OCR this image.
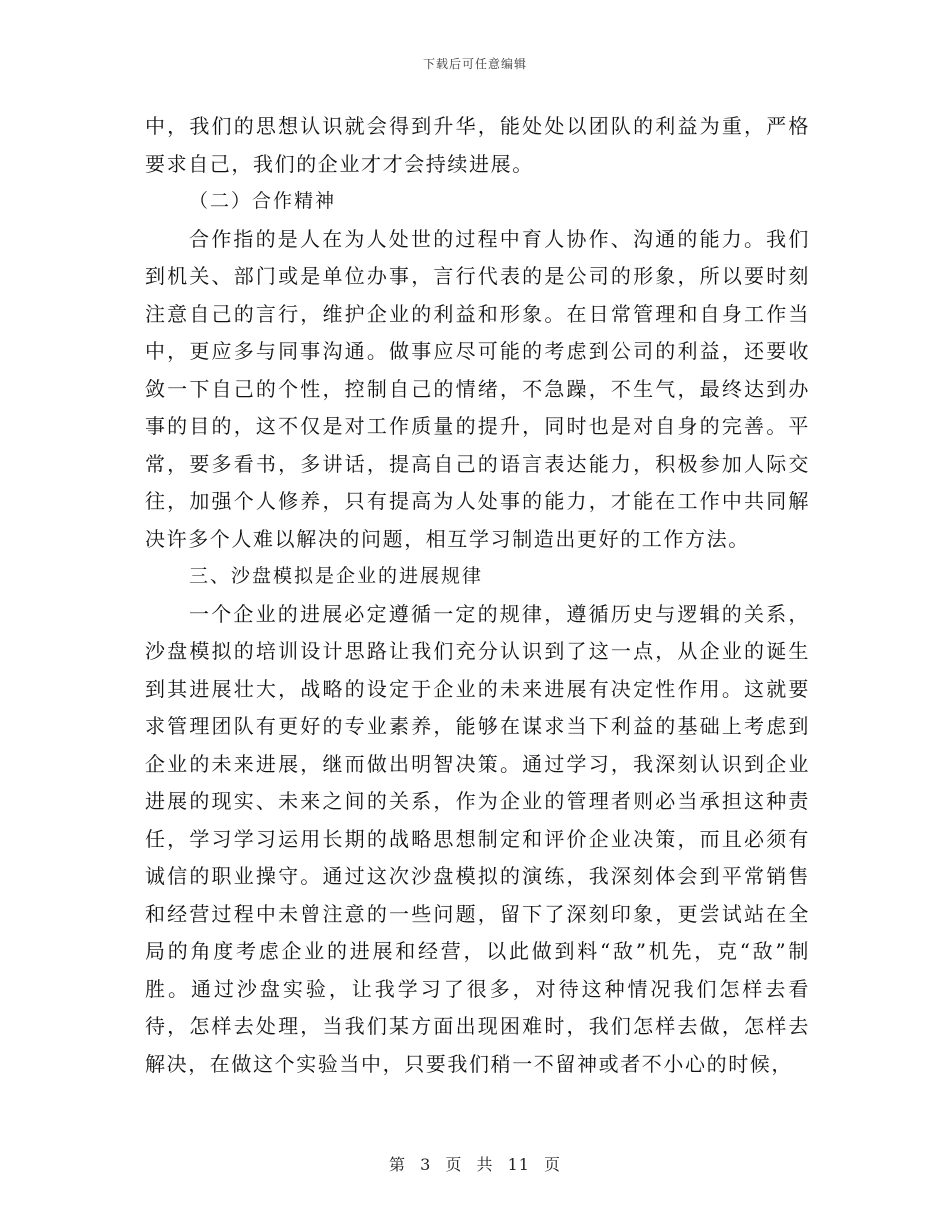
下载后可任意编辑

中，我们的思想认识就会得到升华，能处处以团队的利益为重，严格要求自己，我们的企业才才会持续进展。

（二）合作精神

合作指的是人在为人处世的过程中育人协作、沟通的能力。我们到机关、部门或是单位办事，言行代表的是公司的形象，所以要时刻注意自己的言行，维护企业的利益和形象。在日常管理和自身工作当中，更应多与同事沟通。做事应尽可能的考虑到公司的利益，还要收敛一下自己的个性，控制自己的情绪，不急躁，不生气，最终达到办事的目的，这不仅是对工作质量的提升，同时也是对自身的完善。平常，要多看书，多讲话，提高自己的语言表达能力，积极参加人际交往，加强个人修养，只有提高为人处事的能力，才能在工作中共同解决许多个人难以解决的问题，相互学习制造出更好的工作方法。

三、沙盘模拟是企业的进展规律

一个企业的进展必定遵循一定的规律，遵循历史与逻辑的关系，沙盘模拟的培训设计思路让我们充分认识到了这一点，从企业的诞生到其进展壮大，战略的设定于企业的未来进展有决定性作用。这就要求管理团队有更好的专业素养，能够在谋求当下利益的基础上考虑到企业的未来进展，继而做出明智决策。通过学习，我深刻认识到企业进展的现实、未来之间的关系，作为企业的管理者则必当承担这种责任，学习学习运用长期的战略思想制定和评价企业决策，而且必须有诚信的职业操守。通过这次沙盘模拟的演练，我深刻体会到平常销售和经营过程中未曾注意的一些问题，留下了深刻印象，更尝试站在全局的角度考虑企业的进展和经营，以此做到料“敌”机先，克“敌”制胜。通过沙盘实验，让我学习了很多，对待这种情况我们怎样去看待，怎样去处理，当我们某方面出现困难时，我们怎样去做，怎样去解决，在做这个实验当中，只要我们稍一不留神或者不小心的时候，

第 3 页 共 11 页
